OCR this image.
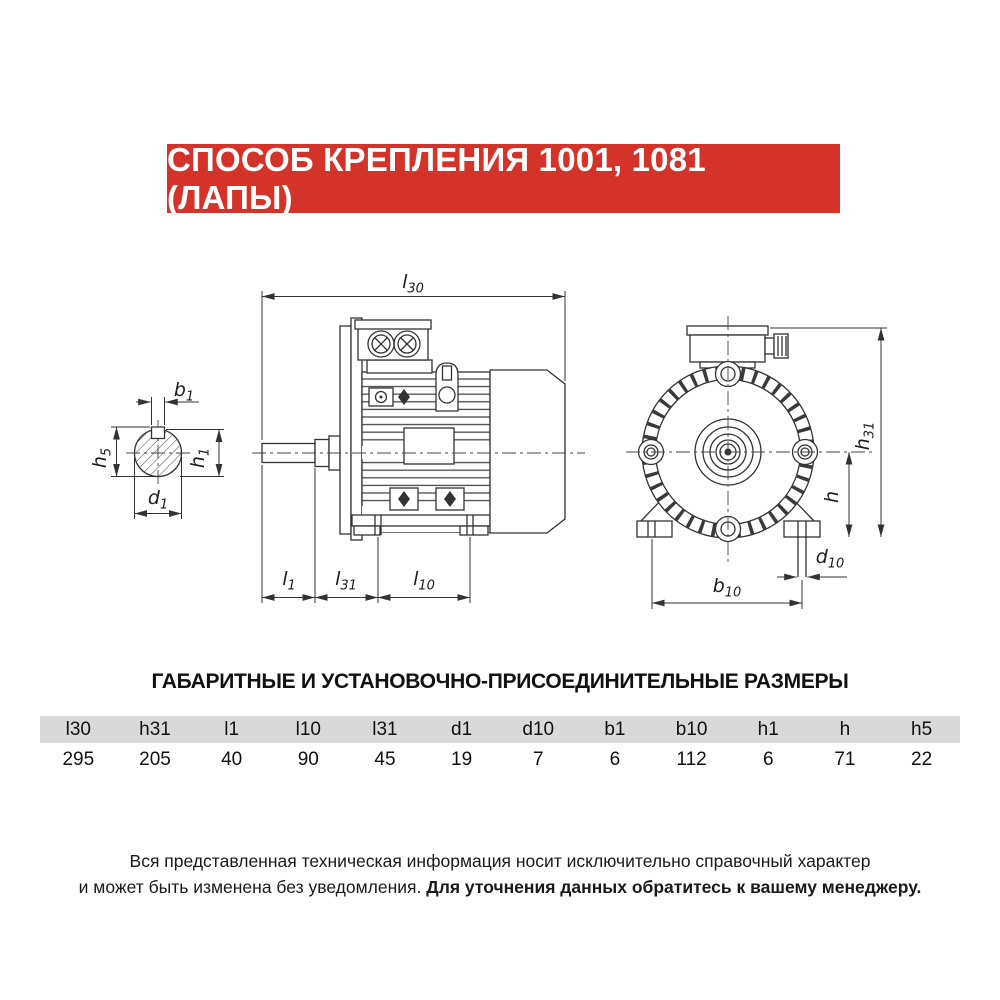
СПОСОБ КРЕПЛЕНИЯ 1001, 1081 (ЛАПЫ)
$b_1$
$h_5$
$h_1$
$d_1$
$l_{30}$
$l_1$ $l_{31}$	$l_{10}$
$h_{31}$
h
$d_{10}$
$b_{10}$
ГАБАРИТНЫЕ И УСТАНОВОЧНО-ПРИСОЕДИНИТЕЛЬНЫЕ РАЗМЕРЫ
l30	h31	l1	l10	l31	d1	d10	b1	b10	h1	h	h5
295	205	40	90	45	19	7	6	112	6	71	22
Вся представленная техническая информация носит исключительно справочный характер
и может быть изменена без уведомления. Для уточнения данных обратитесь к вашему менеджеру.
